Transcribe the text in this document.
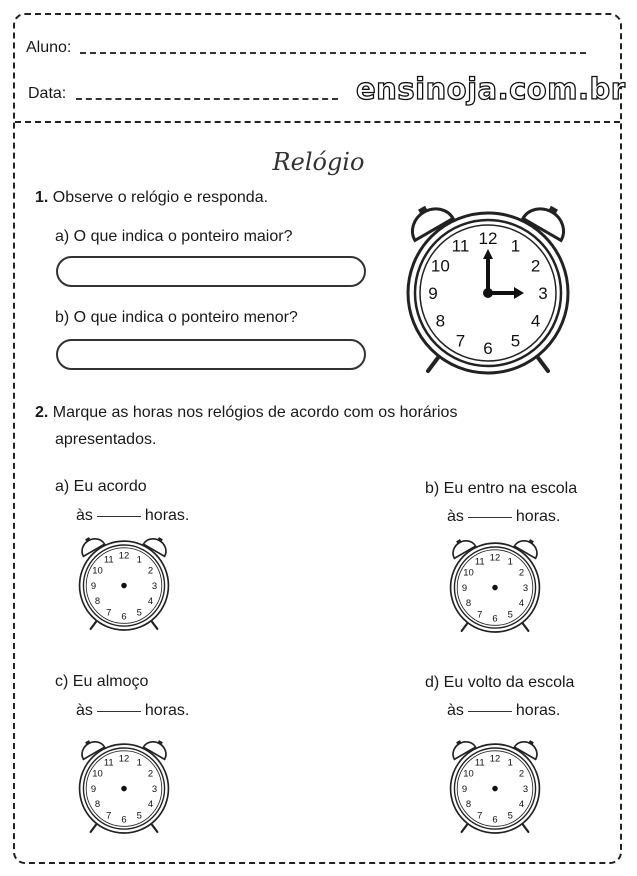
Aluno:
Data:	ensinoja.com.br
Relógio
1. Observe o relógio e responda.
a) O que indica o ponteiro maior?
b) O que indica o ponteiro menor?
12 1
2
3
4
5
6
7
8
9
10
11
2. Marque as horas nos relógios de acordo com os horários
apresentados.
a) Eu acordo
às	horas.
12 1
2
3
4
5
6
7
8
9
10
11
b) Eu entro na escola
às	horas.
12 1
2
3
4
5
6
7
8
9
10
11
c) Eu almoço
às	horas.
12 1
2
3
4
5
6
7
8
9
10
11
d) Eu volto da escola
às	horas.
12 1
2
3
4
5
6
7
8
9
10
11
